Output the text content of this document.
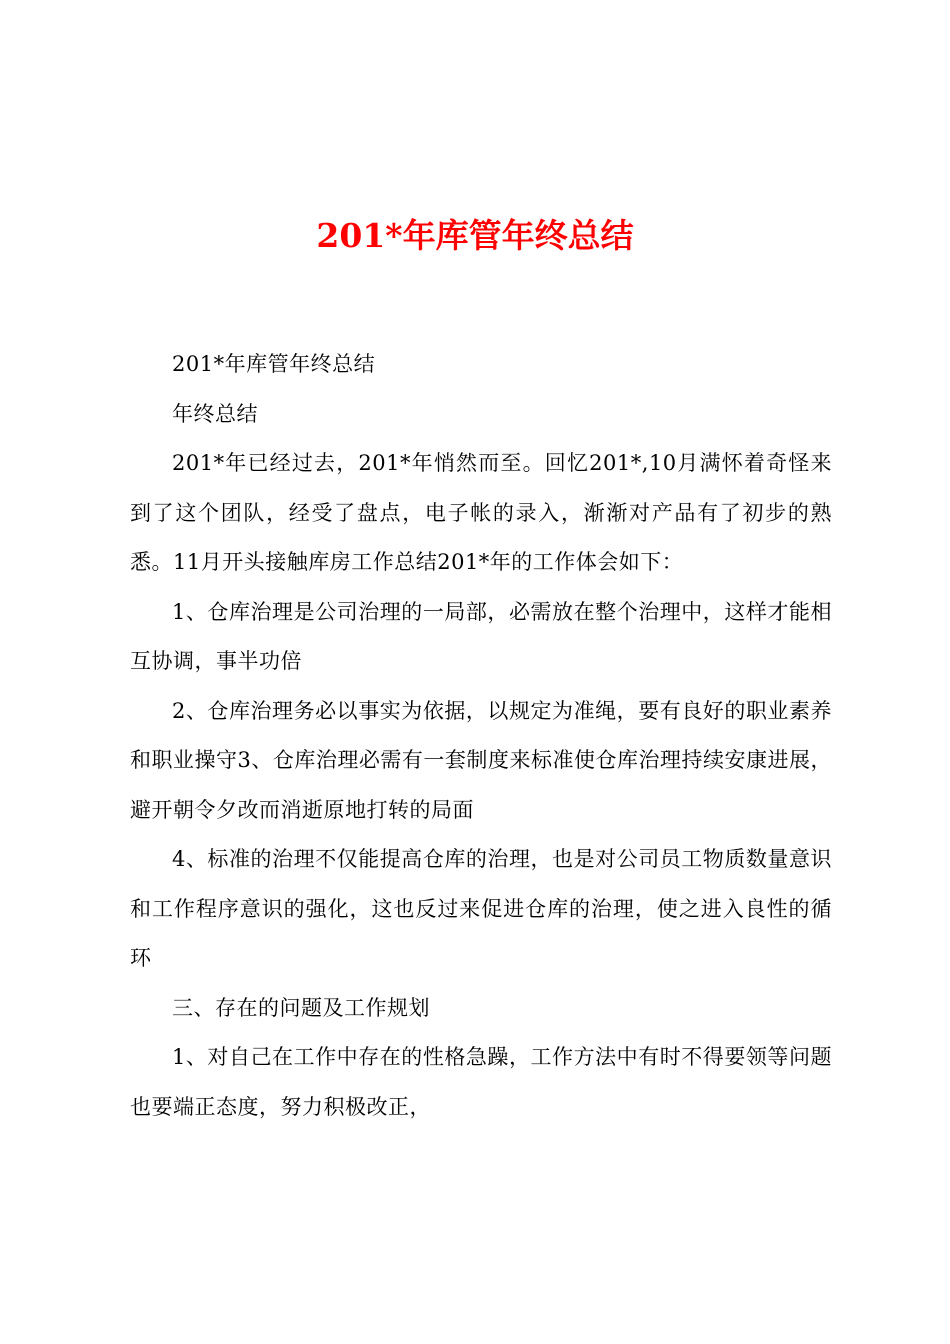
201*年库管年终总结

201*年库管年终总结

年终总结

201*年已经过去，201*年悄然而至。回忆201*,10月满怀着奇怪来到了这个团队，经受了盘点，电子帐的录入，渐渐对产品有了初步的熟悉。11月开头接触库房工作总结201*年的工作体会如下：

1、仓库治理是公司治理的一局部，必需放在整个治理中，这样才能相互协调，事半功倍

2、仓库治理务必以事实为依据，以规定为准绳，要有良好的职业素养和职业操守3、仓库治理必需有一套制度来标准使仓库治理持续安康进展，避开朝令夕改而消逝原地打转的局面

4、标准的治理不仅能提高仓库的治理，也是对公司员工物质数量意识和工作程序意识的强化，这也反过来促进仓库的治理，使之进入良性的循环

三、存在的问题及工作规划

1、对自己在工作中存在的性格急躁，工作方法中有时不得要领等问题也要端正态度，努力积极改正，
